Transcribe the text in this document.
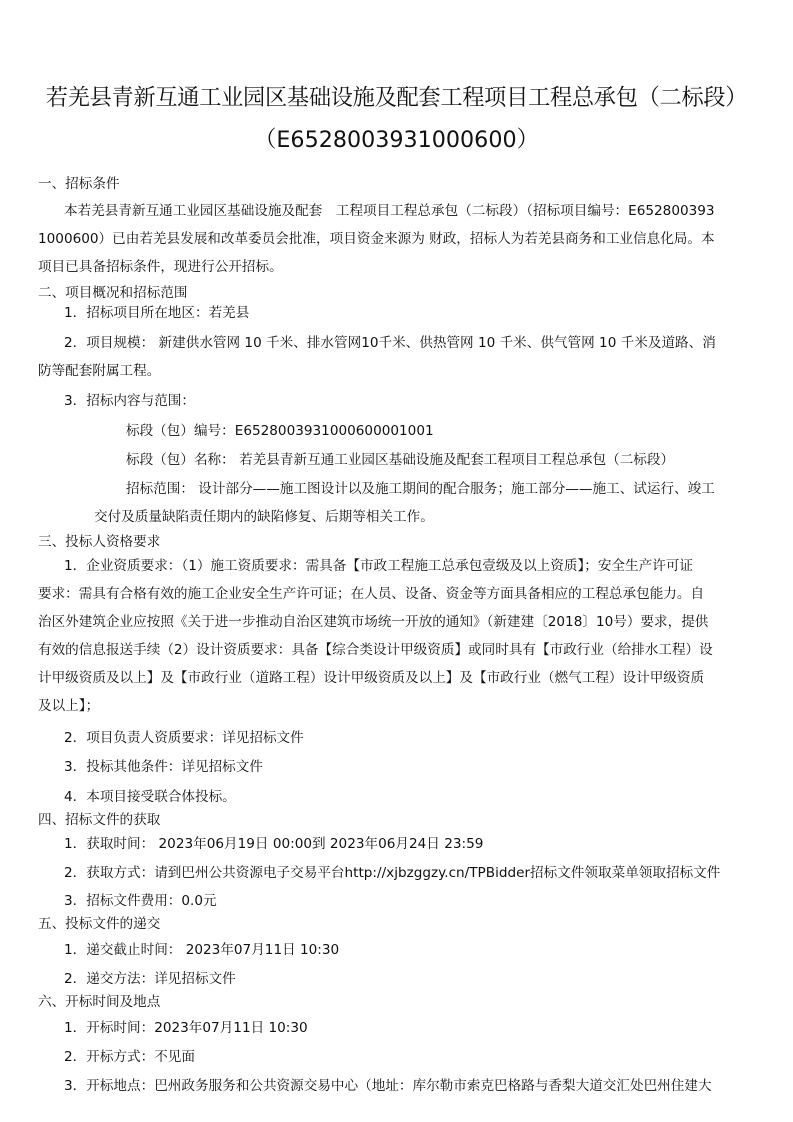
若羌县青新互通工业园区基础设施及配套工程项目工程总承包（二标段）
（E6528003931000600）
一、招标条件
本若羌县青新互通工业园区基础设施及配套　工程项目工程总承包（二标段）（招标项目编号：E652800393
1000600）已由若羌县发展和改革委员会批准，项目资金来源为 财政，招标人为若羌县商务和工业信息化局。本
项目已具备招标条件，现进行公开招标。
二、项目概况和招标范围
1．招标项目所在地区：若羌县
2．项目规模： 新建供水管网 10 千米、排水管网10千米、供热管网 10 千米、供气管网 10 千米及道路、消
防等配套附属工程。
3．招标内容与范围：
标段（包）编号：E6528003931000600001001
标段（包）名称： 若羌县青新互通工业园区基础设施及配套工程项目工程总承包（二标段）
招标范围： 设计部分——施工图设计以及施工期间的配合服务；施工部分——施工、试运行、竣工
交付及质量缺陷责任期内的缺陷修复、后期等相关工作。
三、投标人资格要求
1．企业资质要求：（1）施工资质要求：需具备【市政工程施工总承包壹级及以上资质】；安全生产许可证
要求：需具有合格有效的施工企业安全生产许可证；在人员、设备、资金等方面具备相应的工程总承包能力。自
治区外建筑企业应按照《关于进一步推动自治区建筑市场统一开放的通知》（新建建〔2018〕10号）要求，提供
有效的信息报送手续（2）设计资质要求：具备【综合类设计甲级资质】或同时具有【市政行业（给排水工程）设
计甲级资质及以上】及【市政行业（道路工程）设计甲级资质及以上】及【市政行业（燃气工程）设计甲级资质
及以上】；
2．项目负责人资质要求：详见招标文件
3．投标其他条件：详见招标文件
4．本项目接受联合体投标。
四、招标文件的获取
1．获取时间： 2023年06月19日 00:00到 2023年06月24日 23:59
2．获取方式：请到巴州公共资源电子交易平台http://xjbzggzy.cn/TPBidder招标文件领取菜单领取招标文件
3．招标文件费用：0.0元
五、投标文件的递交
1．递交截止时间： 2023年07月11日 10:30
2．递交方法：详见招标文件
六、开标时间及地点
1．开标时间：2023年07月11日 10:30
2．开标方式：不见面
3．开标地点：巴州政务服务和公共资源交易中心（地址：库尔勒市索克巴格路与香梨大道交汇处巴州住建大
